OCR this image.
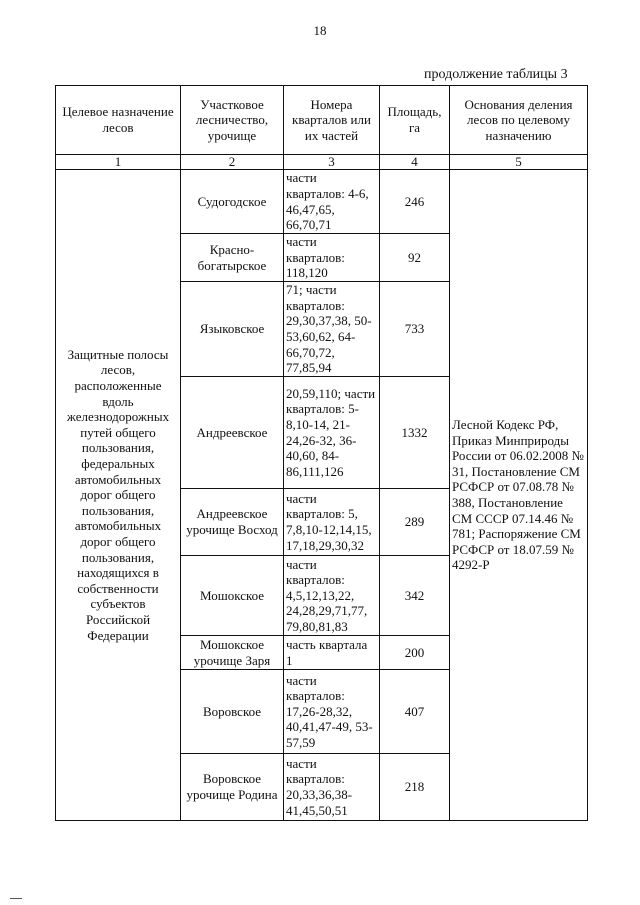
18
продолжение таблицы 3
Целевое назначение лесов	Участковое лесничество, урочище	Номера кварталов или их частей	Площадь, га	Основания деления лесов по целевому назначению
1	2	3	4	5
Защитные полосы лесов, расположенные вдоль железнодорожных путей общего пользования, федеральных автомобильных дорог общего пользования, автомобильных дорог общего пользования, находящихся в собственности субъектов Российской Федерации	Судогодское	части кварталов: 4-6, 46,47,65, 66,70,71	246	Лесной Кодекс РФ, Приказ Минприроды России от 06.02.2008 № 31, Постановление СМ РСФСР от 07.08.78 № 388, Постановление СМ СССР 07.14.46 № 781; Распоряжение СМ РСФСР от 18.07.59 № 4292-Р
	Красно-богатырское	части кварталов: 118,120	92	
	Языковское	71; части кварталов: 29,30,37,38, 50-53,60,62, 64-66,70,72, 77,85,94	733	
	Андреевское	20,59,110; части кварталов: 5-8,10-14, 21-24,26-32, 36-40,60, 84-86,111,126	1332	
	Андреевское урочище Восход	части кварталов: 5, 7,8,10-12,14,15, 17,18,29,30,32	289	
	Мошокское	части кварталов: 4,5,12,13,22, 24,28,29,71,77, 79,80,81,83	342	
	Мошокское урочище Заря	часть квартала 1	200	
	Воровское	части кварталов: 17,26-28,32, 40,41,47-49, 53-57,59	407	
	Воровское урочище Родина	части кварталов: 20,33,36,38-41,45,50,51	218	
